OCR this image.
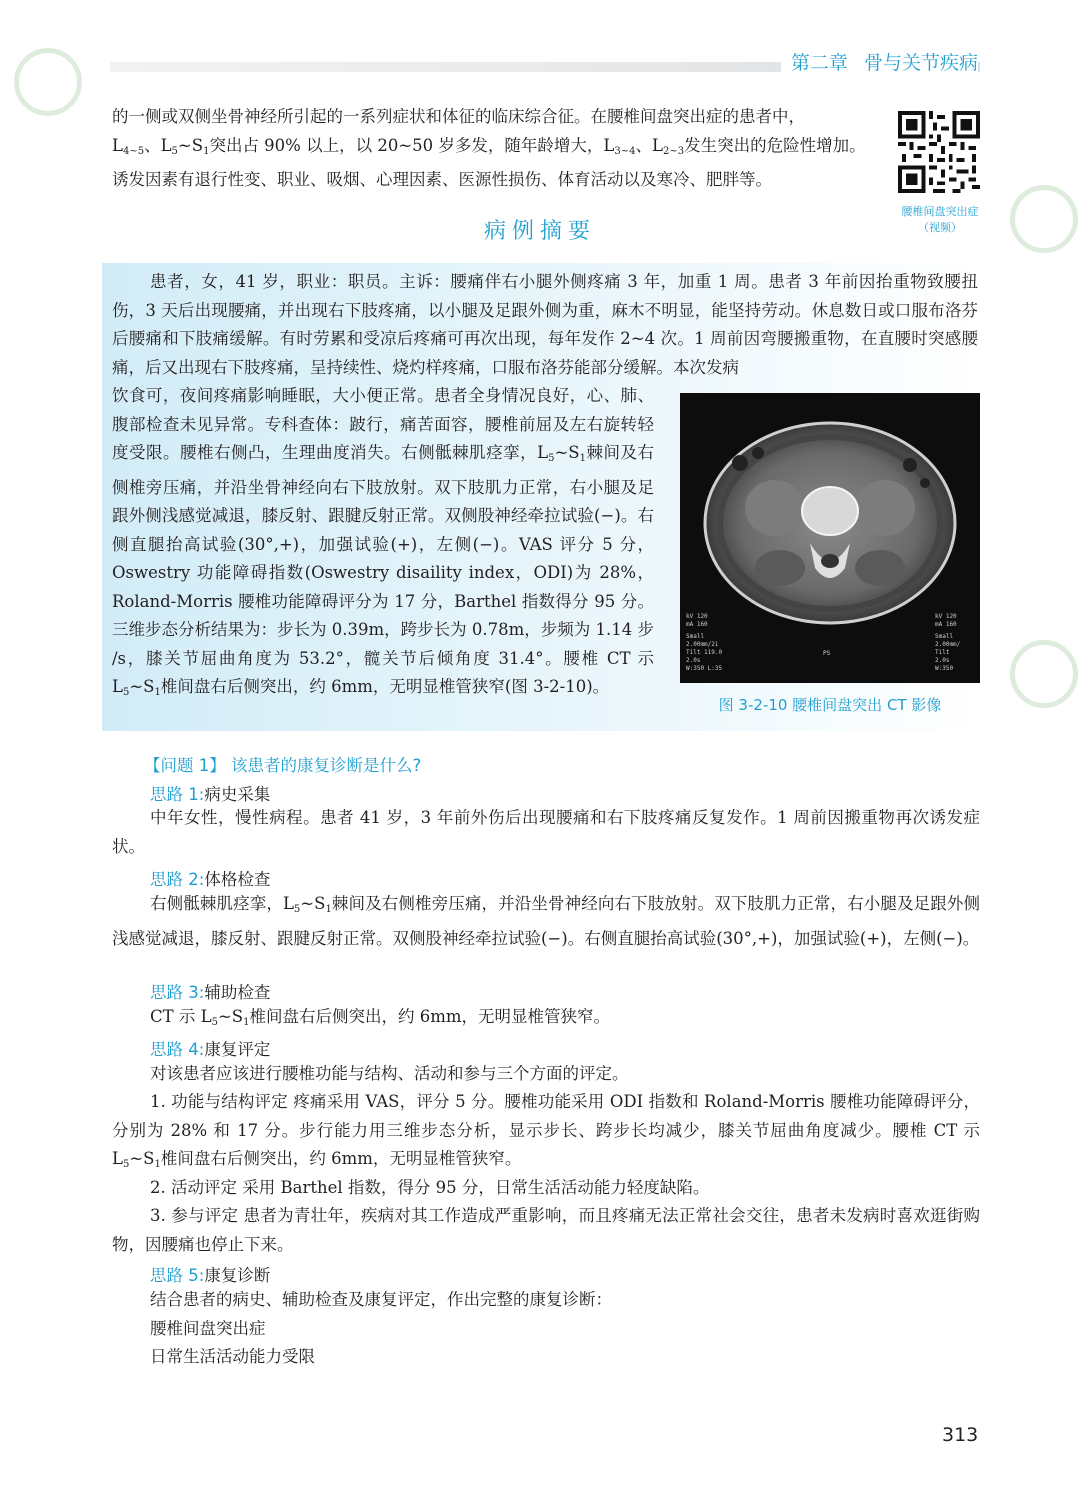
第二章 骨与关节疾病
的一侧或双侧坐骨神经所引起的一系列症状和体征的临床综合征。在腰椎间盘突出症的患者中，
$L_{4\sim 5}$、$L_5\sim S_1$突出占 90% 以上，以 20~50 岁多发，随年龄增大，$L_{3\sim 4}$、$L_{2\sim 3}$发生突出的危险性增加。
诱发因素有退行性变、职业、吸烟、心理因素、医源性损伤、体育活动以及寒冷、肥胖等。
腰椎间盘突出症
（视频）
病例摘要
患者，女，41 岁，职业：职员。主诉：腰痛伴右小腿外侧疼痛 3 年，加重 1 周。患者 3 年前因抬重物致腰扭伤，3 天后出现腰痛，并出现右下肢疼痛，以小腿及足跟外侧为重，麻木不明显，能坚持劳动。休息数日或口服布洛芬后腰痛和下肢痛缓解。有时劳累和受凉后疼痛可再次出现，每年发作 2~4 次。1 周前因弯腰搬重物，在直腰时突感腰痛，后又出现右下肢疼痛，呈持续性、烧灼样疼痛，口服布洛芬能部分缓解。本次发病
饮食可，夜间疼痛影响睡眠，大小便正常。患者全身情况良好，心、肺、腹部检查未见异常。专科查体：跛行，痛苦面容，腰椎前屈及左右旋转轻度受限。腰椎右侧凸，生理曲度消失。右侧骶棘肌痉挛，$L_5\sim S_1$棘间及右侧椎旁压痛，并沿坐骨神经向右下肢放射。双下肢肌力正常，右小腿及足跟外侧浅感觉减退，膝反射、跟腱反射正常。双侧股神经牵拉试验(−)。右侧直腿抬高试验(30°,+)，加强试验(+)，左侧(−)。VAS 评分 5 分，Oswestry 功能障碍指数(Oswestry disaility index，ODI)为 28%，Roland-Morris 腰椎功能障碍评分为 17 分，Barthel 指数得分 95 分。三维步态分析结果为：步长为 0.39m，跨步长为 0.78m，步频为 1.14 步 /s，膝关节屈曲角度为 53.2°，髋关节后倾角度 31.4°。腰椎 CT 示 $L_5\sim S_1$椎间盘右后侧突出，约 6mm，无明显椎管狭窄(图 3-2-10)。
kV 120
mA 160
Small
2.00mm/2i
Tilt 119.0
2.0s
W:350 L:35
kV 120
mA 160
Small
2.00mm/
Tilt
2.0s
W:350
PS
图 3-2-10 腰椎间盘突出 CT 影像
【问题 1】 该患者的康复诊断是什么?
思路 1:病史采集
中年女性，慢性病程。患者 41 岁，3 年前外伤后出现腰痛和右下肢疼痛反复发作。1 周前因搬重物再次诱发症状。
思路 2:体格检查
右侧骶棘肌痉挛，$L_5\sim S_1$棘间及右侧椎旁压痛，并沿坐骨神经向右下肢放射。双下肢肌力正常，右小腿及足跟外侧浅感觉减退，膝反射、跟腱反射正常。双侧股神经牵拉试验(−)。右侧直腿抬高试验(30°,+)，加强试验(+)，左侧(−)。
思路 3:辅助检查
CT 示 $L_5\sim S_1$椎间盘右后侧突出，约 6mm，无明显椎管狭窄。
思路 4:康复评定
对该患者应该进行腰椎功能与结构、活动和参与三个方面的评定。
1. 功能与结构评定 疼痛采用 VAS，评分 5 分。腰椎功能采用 ODI 指数和 Roland-Morris 腰椎功能障碍评分，分别为 28% 和 17 分。步行能力用三维步态分析，显示步长、跨步长均减少，膝关节屈曲角度减少。腰椎 CT 示 $L_5\sim S_1$椎间盘右后侧突出，约 6mm，无明显椎管狭窄。
2. 活动评定 采用 Barthel 指数，得分 95 分，日常生活活动能力轻度缺陷。
3. 参与评定 患者为青壮年，疾病对其工作造成严重影响，而且疼痛无法正常社会交往，患者未发病时喜欢逛街购物，因腰痛也停止下来。
思路 5:康复诊断
结合患者的病史、辅助检查及康复评定，作出完整的康复诊断：
腰椎间盘突出症
日常生活活动能力受限
313
